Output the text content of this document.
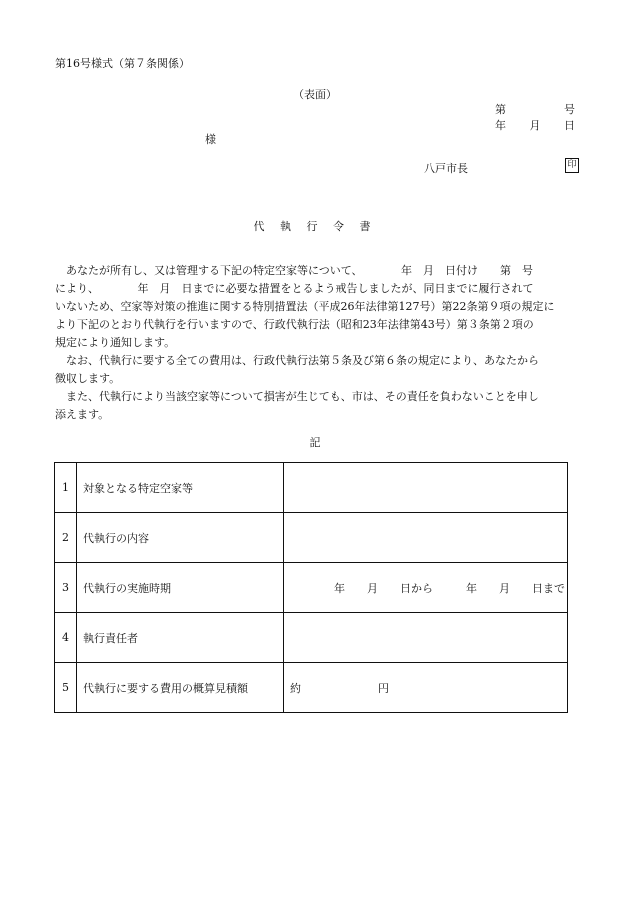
第16号様式（第７条関係）
（表面）
第	号
年 月 日
様
八戸市長	印
代 執 行 令 書

　あなたが所有し、又は管理する下記の特定空家等について、　　　　年　月　日付け　　第　号

により、　　　　年　月　日までに必要な措置をとるよう戒告しましたが、同日までに履行されて

いないため、空家等対策の推進に関する特別措置法（平成26年法律第127号）第22条第９項の規定に

より下記のとおり代執行を行いますので、行政代執行法（昭和23年法律第43号）第３条第２項の

規定により通知します。

　なお、代執行に要する全ての費用は、行政代執行法第５条及び第６条の規定により、あなたから

徴収します。

　また、代執行により当該空家等について損害が生じても、市は、その責任を負わないことを申し

添えます。

記
1	対象となる特定空家等	
2	代執行の内容	
3	代執行の実施時期	　　　　年　　月　　日から　　　年　　月　　日まで
4	執行責任者	
5	代執行に要する費用の概算見積額	約　　　　　　　円
